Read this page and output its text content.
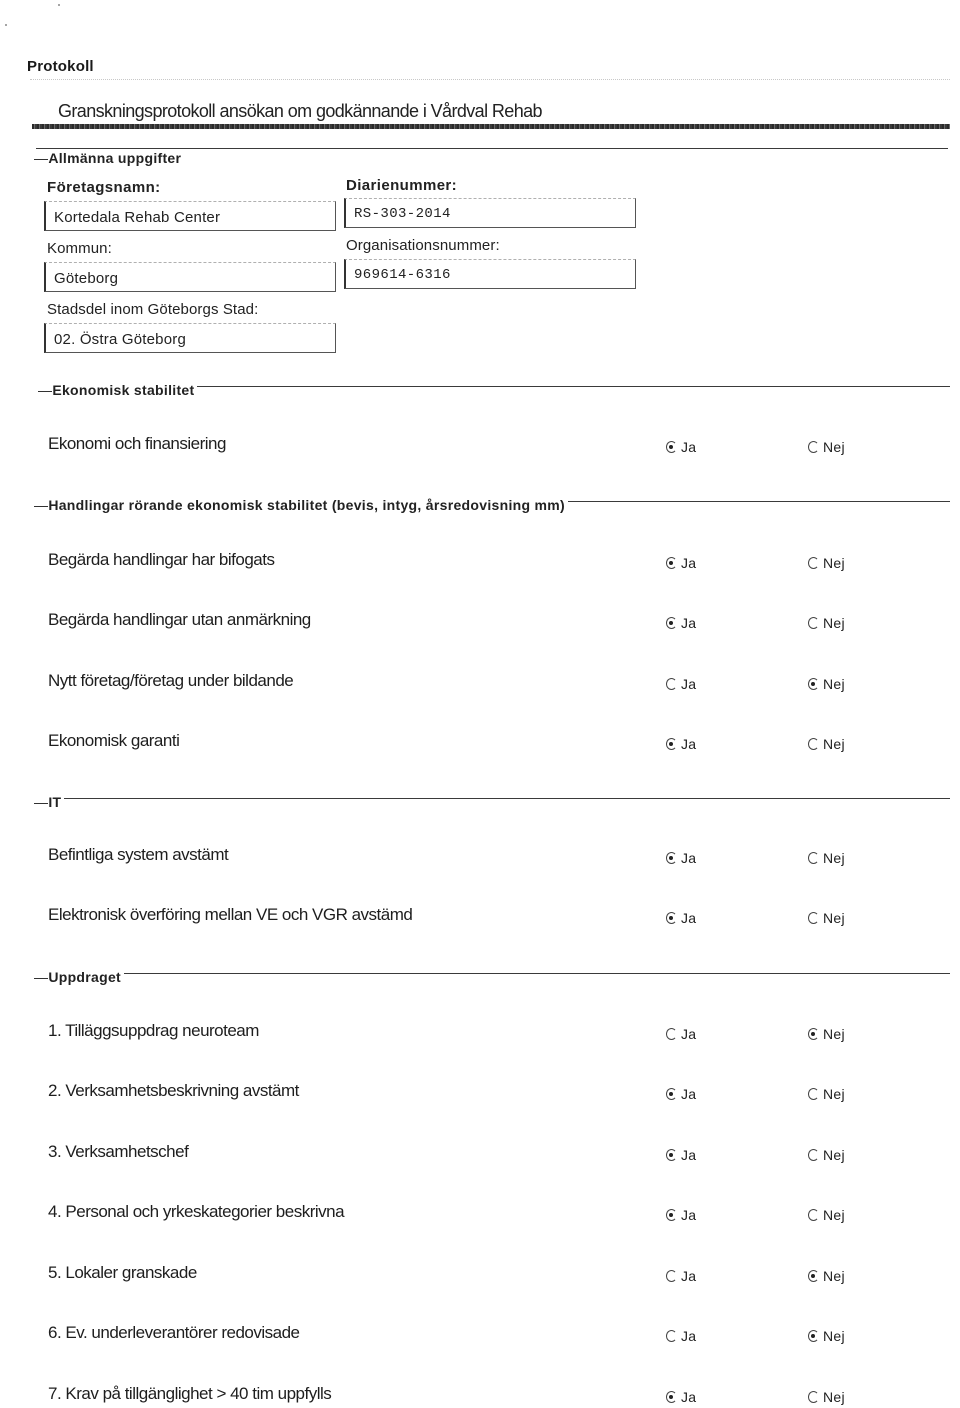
Protokoll
Granskningsprotokoll ansökan om godkännande i Vårdval Rehab
—Allmänna uppgifter
Företagsnamn:
Kortedala Rehab Center
Diarienummer:
RS-303-2014
Kommun:
Göteborg
Organisationsnummer:
969614-6316
Stadsdel inom Göteborgs Stad:
02. Östra Göteborg
—Ekonomisk stabilitet
Ekonomi och finansiering	Ja	Nej
—Handlingar rörande ekonomisk stabilitet (bevis, intyg, årsredovisning mm)
Begärda handlingar har bifogats	Ja	Nej
Begärda handlingar utan anmärkning	Ja	Nej
Nytt företag/företag under bildande	Ja	Nej
Ekonomisk garanti	Ja	Nej
—IT
Befintliga system avstämt	Ja	Nej
Elektronisk överföring mellan VE och VGR avstämd	Ja	Nej
—Uppdraget
1. Tilläggsuppdrag neuroteam	Ja	Nej
2. Verksamhetsbeskrivning avstämt	Ja	Nej
3. Verksamhetschef	Ja	Nej
4. Personal och yrkeskategorier beskrivna	Ja	Nej
5. Lokaler granskade	Ja	Nej
6. Ev. underleverantörer redovisade	Ja	Nej
7. Krav på tillgänglighet > 40 tim uppfylls	Ja	Nej
